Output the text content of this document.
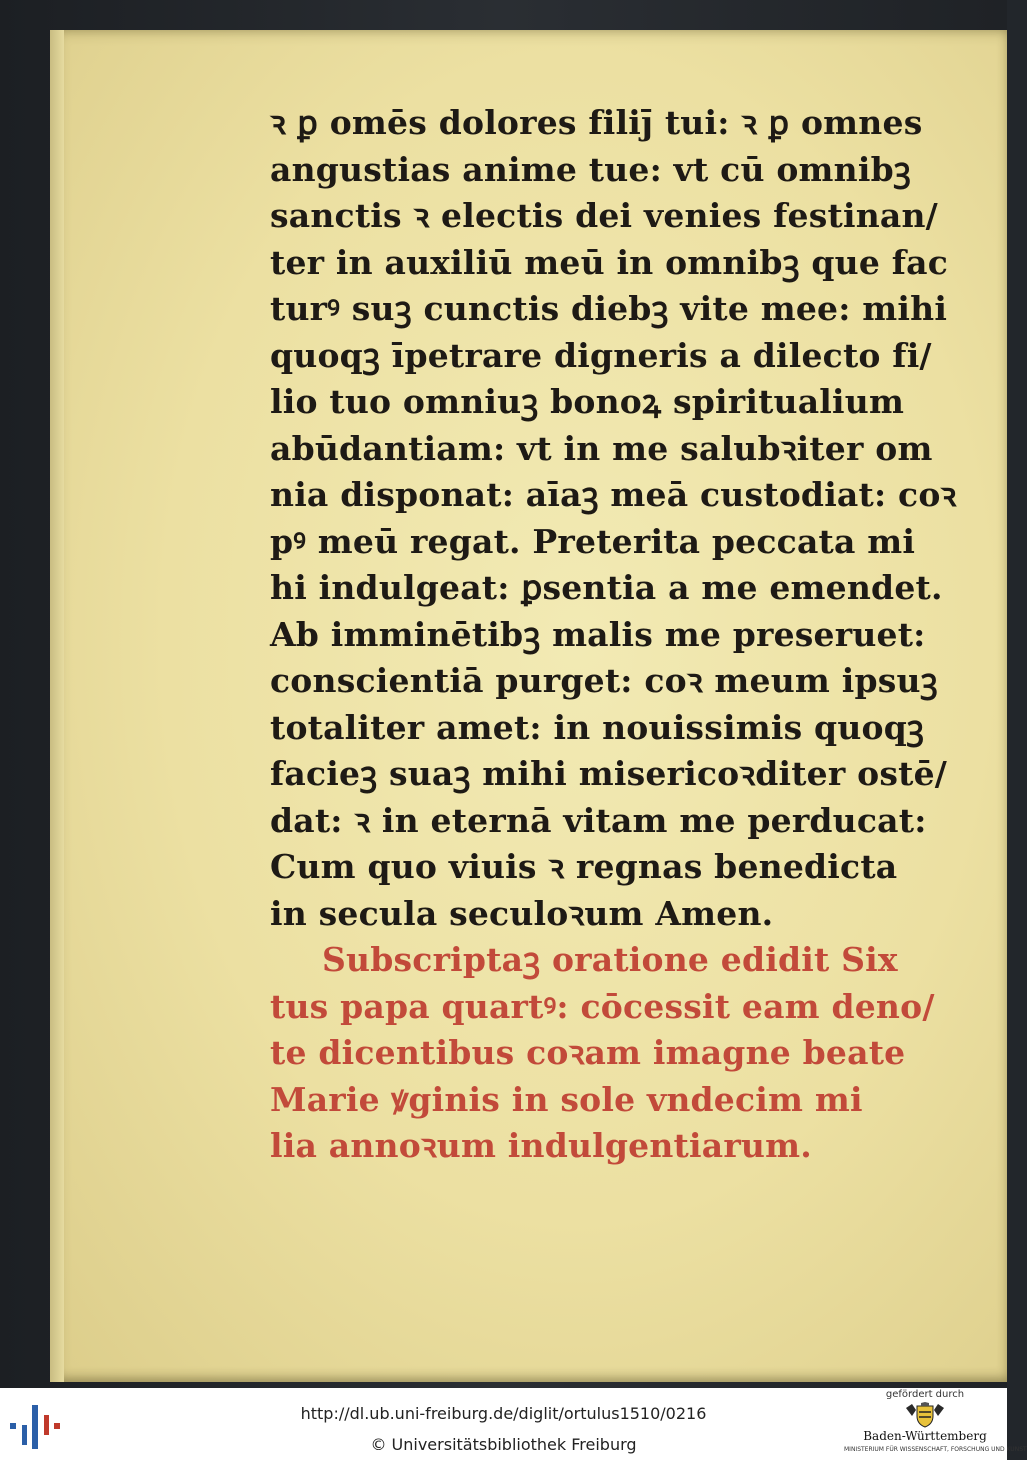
ꝛ ꝑ omēs dolores filij̄ tui: ꝛ ꝑ omnes
angustias anime tue: vt cū omnibꝫ
sanctis ꝛ electis dei venies festinan/
ter in auxiliū meū in omnibꝫ que fac
turꝰ suꝫ cunctis diebꝫ vite mee: mihi
quoqꝫ īpetrare digneris a dilecto fi/
lio tuo omniuꝫ bonoꝝ spiritualium
abūdantiam: vt in me salubꝛiter om
nia disponat: aīaꝫ meā custodiat: coꝛ
pꝰ meū regat. Preterita peccata mi
hi indulgeat: ꝑsentia a me emendet.
Ab imminētibꝫ malis me preseruet:
conscientiā purget: coꝛ meum ipsuꝫ
totaliter amet: in nouissimis quoqꝫ
facieꝫ suaꝫ mihi misericoꝛditer ostē/
dat: ꝛ in eternā vitam me perducat:
Cum quo viuis ꝛ regnas benedicta
in secula seculoꝛum Amen.
Subscriptaꝫ oratione edidit Six
tus papa quartꝰ: cōcessit eam deno/
te dicentibus coꝛam imagne beate
Marie ꝟginis in sole vndecim mi
lia annoꝛum indulgentiarum.
http://dl.ub.uni-freiburg.de/diglit/ortulus1510/0216
© Universitätsbibliothek Freiburg
gefördert durch
Baden-Württemberg
MINISTERIUM FÜR WISSENSCHAFT, FORSCHUNG UND KUNST
